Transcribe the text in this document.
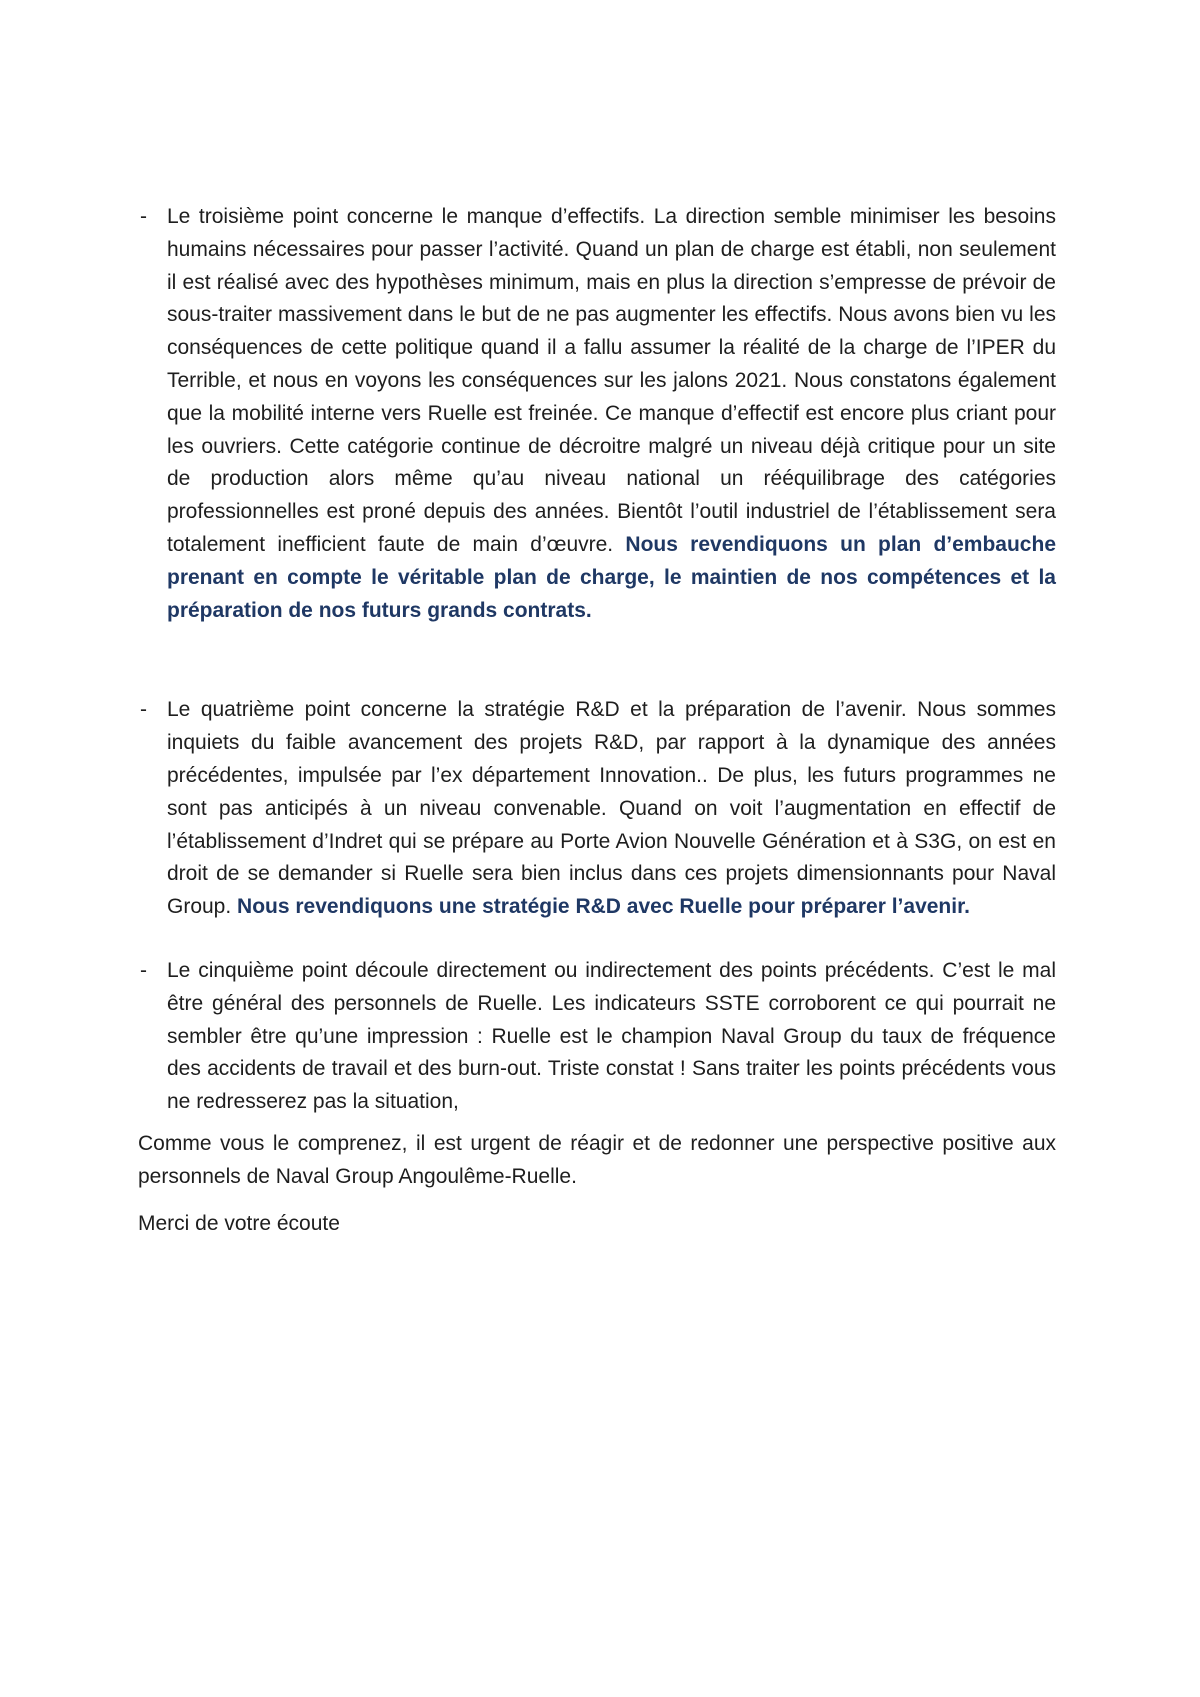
- Le troisième point concerne le manque d’effectifs. La direction semble minimiser les besoins humains nécessaires pour passer l’activité. Quand un plan de charge est établi, non seulement il est réalisé avec des hypothèses minimum, mais en plus la direction s’empresse de prévoir de sous-traiter massivement dans le but de ne pas augmenter les effectifs. Nous avons bien vu les conséquences de cette politique quand il a fallu assumer la réalité de la charge de l’IPER du Terrible, et nous en voyons les conséquences sur les jalons 2021. Nous constatons également que la mobilité interne vers Ruelle est freinée. Ce manque d’effectif est encore plus criant pour les ouvriers. Cette catégorie continue de décroitre malgré un niveau déjà critique pour un site de production alors même qu’au niveau national un rééquilibrage des catégories professionnelles est proné depuis des années. Bientôt l’outil industriel de l’établissement sera totalement inefficient faute de main d’œuvre. Nous revendiquons un plan d’embauche prenant en compte le véritable plan de charge, le maintien de nos compétences et la préparation de nos futurs grands contrats.
- Le quatrième point concerne la stratégie R&D et la préparation de l’avenir. Nous sommes inquiets du faible avancement des projets R&D, par rapport à la dynamique des années précédentes, impulsée par l’ex département Innovation.. De plus, les futurs programmes ne sont pas anticipés à un niveau convenable. Quand on voit l’augmentation en effectif de l’établissement d’Indret qui se prépare au Porte Avion Nouvelle Génération et à S3G, on est en droit de se demander si Ruelle sera bien inclus dans ces projets dimensionnants pour Naval Group. Nous revendiquons une stratégie R&D avec Ruelle pour préparer l’avenir.
- Le cinquième point découle directement ou indirectement des points précédents. C’est le mal être général des personnels de Ruelle. Les indicateurs SSTE corroborent ce qui pourrait ne sembler être qu’une impression : Ruelle est le champion Naval Group du taux de fréquence des accidents de travail et des burn-out. Triste constat ! Sans traiter les points précédents vous ne redresserez pas la situation,

Comme vous le comprenez, il est urgent de réagir et de redonner une perspective positive aux personnels de Naval Group Angoulême-Ruelle.

Merci de votre écoute
